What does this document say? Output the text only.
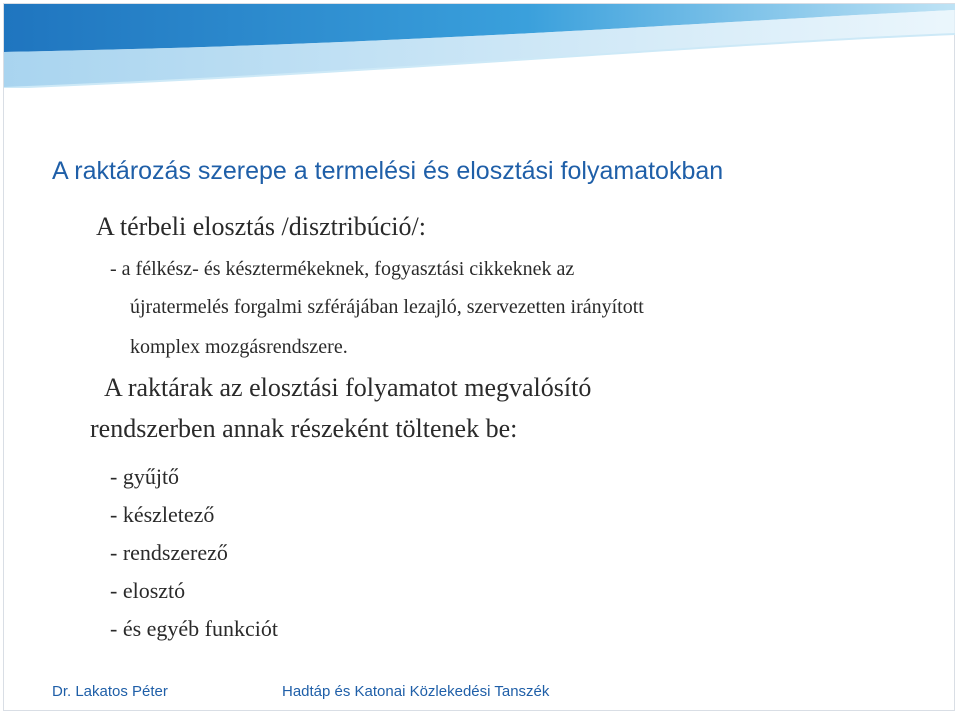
A raktározás szerepe a termelési és elosztási folyamatokban
A térbeli elosztás /disztribúció/:
- a félkész- és késztermékeknek, fogyasztási cikkeknek az
újratermelés forgalmi szférájában lezajló, szervezetten irányított
komplex mozgásrendszere.
A raktárak az elosztási folyamatot megvalósító
rendszerben annak részeként töltenek be:
- gyűjtő
- készletező
- rendszerező
- elosztó
- és egyéb funkciót
Dr. Lakatos Péter	Hadtáp és Katonai Közlekedési Tanszék
